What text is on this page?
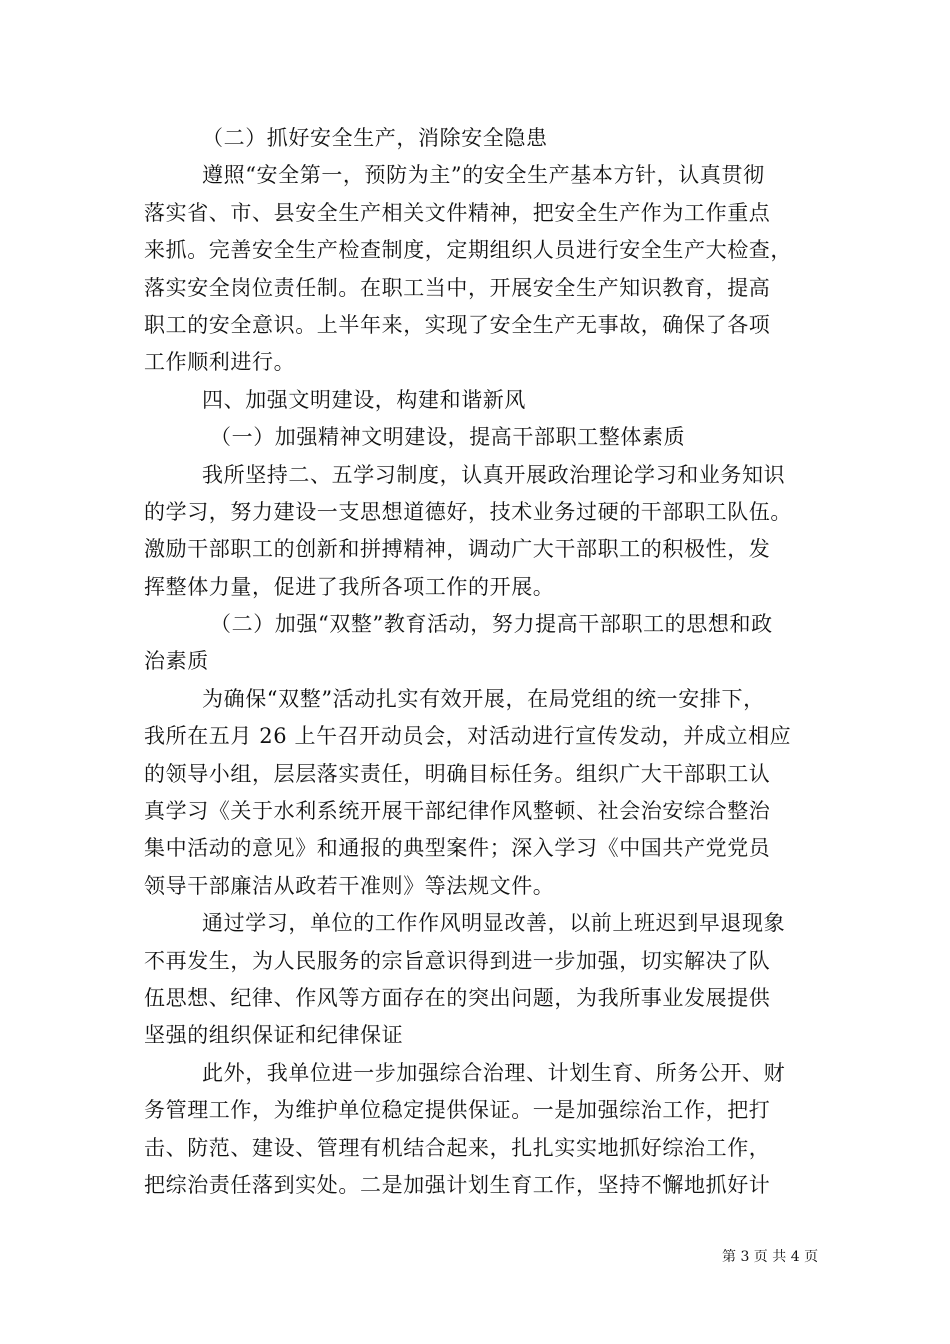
（二）抓好安全生产，消除安全隐患
遵照“安全第一，预防为主”的安全生产基本方针，认真贯彻
落实省、市、县安全生产相关文件精神，把安全生产作为工作重点
来抓。完善安全生产检查制度，定期组织人员进行安全生产大检查，
落实安全岗位责任制。在职工当中，开展安全生产知识教育，提高
职工的安全意识。上半年来，实现了安全生产无事故，确保了各项
工作顺利进行。
四、加强文明建设，构建和谐新风
（一）加强精神文明建设，提高干部职工整体素质
我所坚持二、五学习制度，认真开展政治理论学习和业务知识
的学习，努力建设一支思想道德好，技术业务过硬的干部职工队伍。
激励干部职工的创新和拼搏精神，调动广大干部职工的积极性，发
挥整体力量，促进了我所各项工作的开展。
（二）加强“双整”教育活动，努力提高干部职工的思想和政
治素质
为确保“双整”活动扎实有效开展，在局党组的统一安排下，
我所在五月 26 上午召开动员会，对活动进行宣传发动，并成立相应
的领导小组，层层落实责任，明确目标任务。组织广大干部职工认
真学习《关于水利系统开展干部纪律作风整顿、社会治安综合整治
集中活动的意见》和通报的典型案件；深入学习《中国共产党党员
领导干部廉洁从政若干准则》等法规文件。
通过学习，单位的工作作风明显改善，以前上班迟到早退现象
不再发生，为人民服务的宗旨意识得到进一步加强，切实解决了队
伍思想、纪律、作风等方面存在的突出问题，为我所事业发展提供
坚强的组织保证和纪律保证
此外，我单位进一步加强综合治理、计划生育、所务公开、财
务管理工作，为维护单位稳定提供保证。一是加强综治工作，把打
击、防范、建设、管理有机结合起来，扎扎实实地抓好综治工作，
把综治责任落到实处。二是加强计划生育工作，坚持不懈地抓好计
第 3 页 共 4 页
